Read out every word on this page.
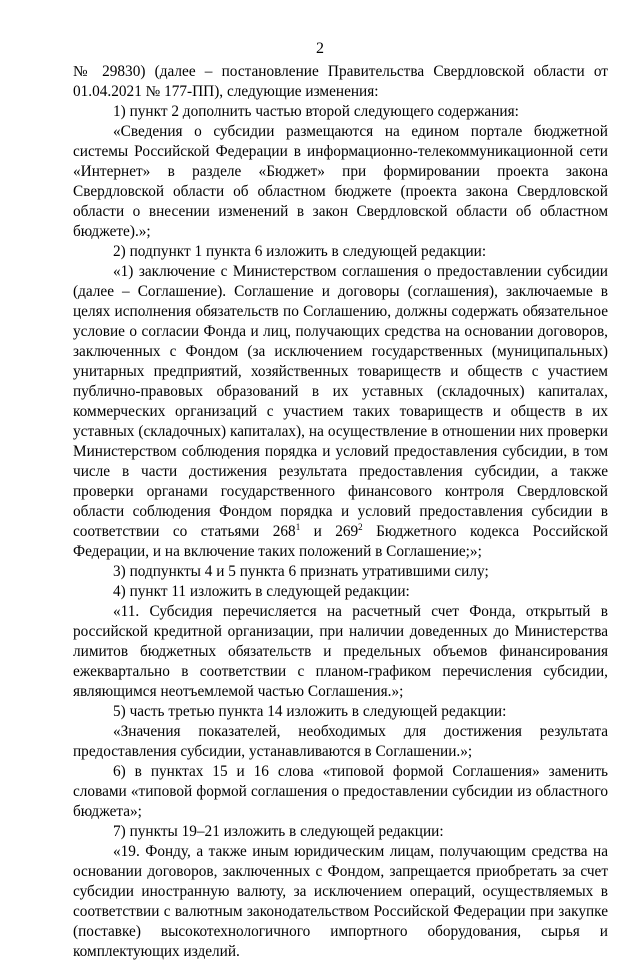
2

№ 29830) (далее – постановление Правительства Свердловской области от 01.04.2021 № 177-ПП), следующие изменения:

1) пункт 2 дополнить частью второй следующего содержания:

«Сведения о субсидии размещаются на едином портале бюджетной системы Российской Федерации в информационно-телекоммуникационной сети «Интернет» в разделе «Бюджет» при формировании проекта закона Свердловской области об областном бюджете (проекта закона Свердловской области о внесении изменений в закон Свердловской области об областном бюджете).»;

2) подпункт 1 пункта 6 изложить в следующей редакции:

«1) заключение с Министерством соглашения о предоставлении субсидии (далее – Соглашение). Соглашение и договоры (соглашения), заключаемые в целях исполнения обязательств по Соглашению, должны содержать обязательное условие о согласии Фонда и лиц, получающих средства на основании договоров, заключенных с Фондом (за исключением государственных (муниципальных) унитарных предприятий, хозяйственных товариществ и обществ с участием публично-правовых образований в их уставных (складочных) капиталах, коммерческих организаций с участием таких товариществ и обществ в их уставных (складочных) капиталах), на осуществление в отношении них проверки Министерством соблюдения порядка и условий предоставления субсидии, в том числе в части достижения результата предоставления субсидии, а также проверки органами государственного финансового контроля Свердловской области соблюдения Фондом порядка и условий предоставления субсидии в соответствии со статьями $268^1$ и $269^2$ Бюджетного кодекса Российской Федерации, и на включение таких положений в Соглашение;»;

3) подпункты 4 и 5 пункта 6 признать утратившими силу;

4) пункт 11 изложить в следующей редакции:

«11. Субсидия перечисляется на расчетный счет Фонда, открытый в российской кредитной организации, при наличии доведенных до Министерства лимитов бюджетных обязательств и предельных объемов финансирования ежеквартально в соответствии с планом-графиком перечисления субсидии, являющимся неотъемлемой частью Соглашения.»;

5) часть третью пункта 14 изложить в следующей редакции:

«Значения показателей, необходимых для достижения результата предоставления субсидии, устанавливаются в Соглашении.»;

6) в пунктах 15 и 16 слова «типовой формой Соглашения» заменить словами «типовой формой соглашения о предоставлении субсидии из областного бюджета»;

7) пункты 19–21 изложить в следующей редакции:

«19. Фонду, а также иным юридическим лицам, получающим средства на основании договоров, заключенных с Фондом, запрещается приобретать за счет субсидии иностранную валюту, за исключением операций, осуществляемых в соответствии с валютным законодательством Российской Федерации при закупке (поставке) высокотехнологичного импортного оборудования, сырья и комплектующих изделий.
